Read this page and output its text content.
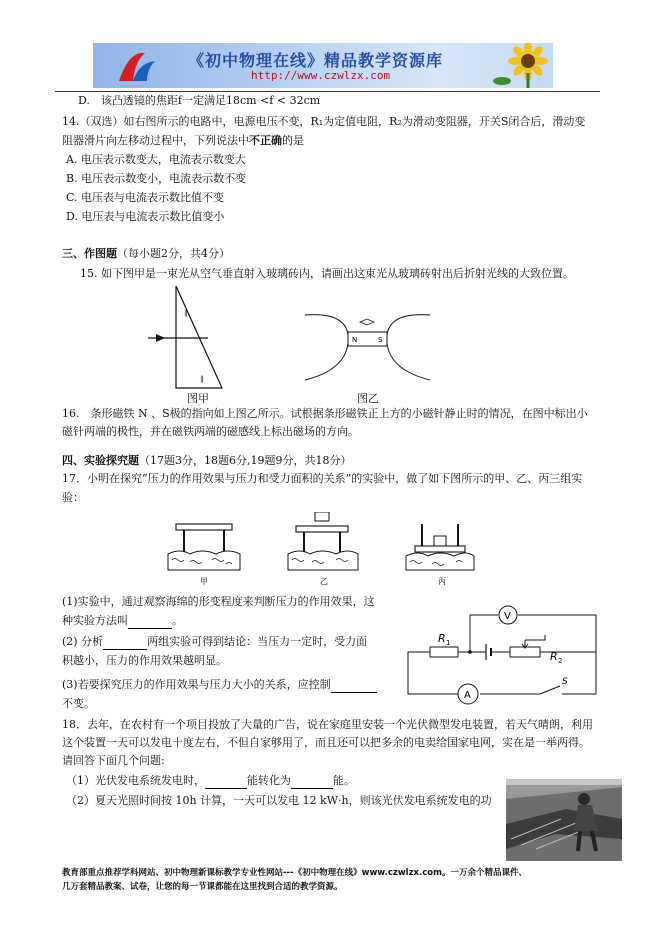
《初中物理在线》精品教学资源库
http://www.czwlzx.com
D.　该凸透镜的焦距f一定满足18cm <f < 32cm
14.（双选）如右图所示的电路中，电源电压不变，R₁为定值电阻，R₂为滑动变阻器，开关S闭合后，滑动变
阻器滑片向左移动过程中，下列说法中不正确的是
A. 电压表示数变大，电流表示数变大
B. 电压表示数变小，电流表示数不变
C. 电压表与电流表示数比值不变
D. 电压表与电流表示数比值变小
三、作图题（每小题2分，共4分）
15. 如下图甲是一束光从空气垂直射入玻璃砖内，请画出这束光从玻璃砖射出后折射光线的大致位置。
∥
∥
图甲
N	S
图乙
16.　条形磁铁 N 、S极的指向如上图乙所示。试根据条形磁铁正上方的小磁针静止时的情况，在图中标出小
磁针两端的极性，并在磁铁两端的磁感线上标出磁场的方向。
四、实验探究题（17题3分，18题6分,19题9分，共18分）
17．小明在探究“压力的作用效果与压力和受力面积的关系”的实验中，做了如下图所示的甲、乙、丙三组实
验：
甲	乙	丙
(1)实验中，通过观察海绵的形变程度来判断压力的作用效果，这
种实验方法叫	。
(2) 分析	两组实验可得到结论：当压力一定时，受力面
积越小，压力的作用效果越明显。
(3)若要探究压力的作用效果与压力大小的关系，应控制
不变。
V
A
R 1
R 2
S
18．去年，在农村有一个项目投放了大量的广告，说在家庭里安装一个光伏微型发电装置，若天气晴朗，利用
这个装置一天可以发电十度左右，不但自家够用了，而且还可以把多余的电卖给国家电网，实在是一举两得。
请回答下面几个问题:
（1）光伏发电系统发电时，	能转化为	能。
（2）夏天光照时间按 10h 计算，一天可以发电 12 kW·h，则该光伏发电系统发电的功
教育部重点推荐学科网站、初中物理新课标教学专业性网站---《初中物理在线》www.czwlzx.com。一万余个精品课件、
几万套精品教案、试卷，让您的每一节课都能在这里找到合适的教学资源。
